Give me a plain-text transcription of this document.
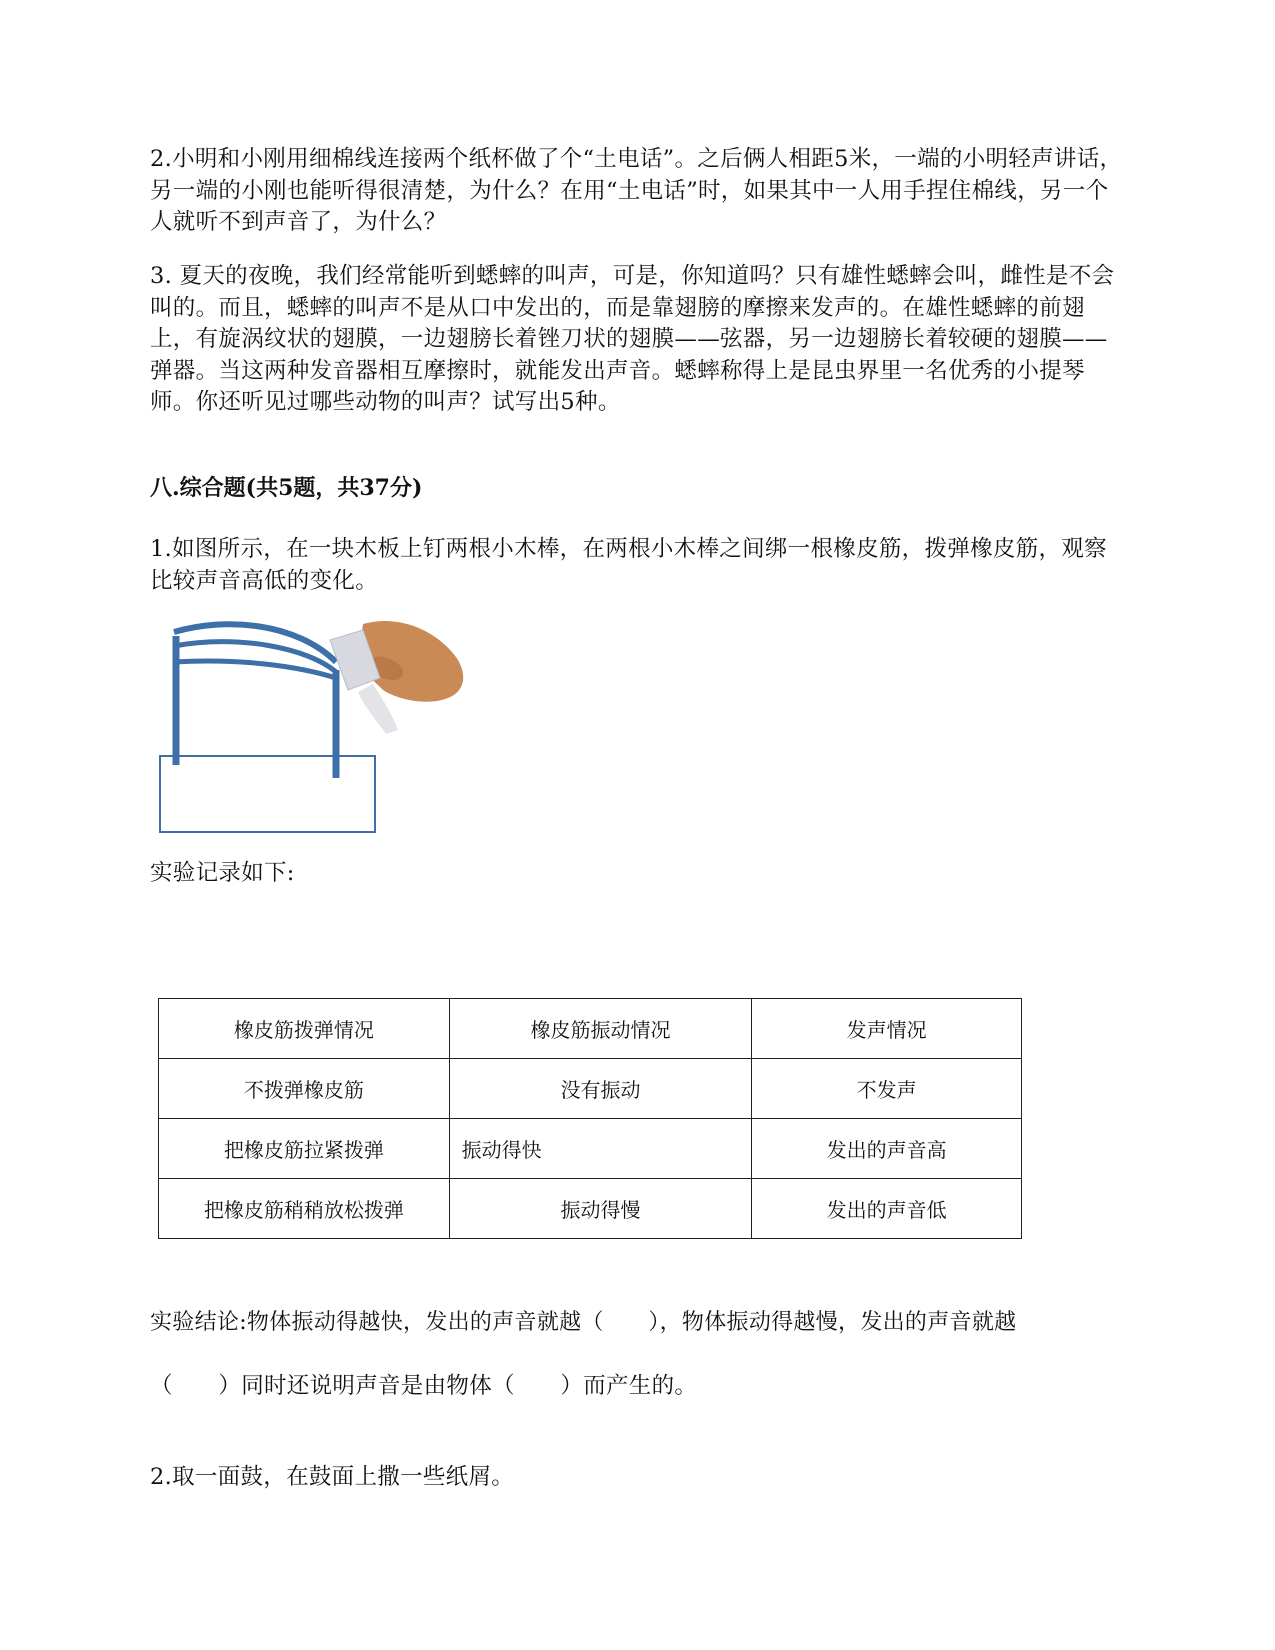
2.小明和小刚用细棉线连接两个纸杯做了个“土电话”。之后俩人相距5米，一端的小明轻声讲话，另一端的小刚也能听得很清楚，为什么？在用“土电话”时，如果其中一人用手捏住棉线，另一个人就听不到声音了，为什么？

3. 夏天的夜晚，我们经常能听到蟋蟀的叫声，可是，你知道吗？只有雄性蟋蟀会叫，雌性是不会叫的。而且，蟋蟀的叫声不是从口中发出的，而是靠翅膀的摩擦来发声的。在雄性蟋蟀的前翅上，有旋涡纹状的翅膜，一边翅膀长着锉刀状的翅膜——弦器，另一边翅膀长着较硬的翅膜——弹器。当这两种发音器相互摩擦时，就能发出声音。蟋蟀称得上是昆虫界里一名优秀的小提琴师。你还听见过哪些动物的叫声？试写出5种。

八.综合题(共5题，共37分)

1.如图所示，在一块木板上钉两根小木棒，在两根小木棒之间绑一根橡皮筋，拨弹橡皮筋，观察比较声音高低的变化。

实验记录如下:

橡皮筋拨弹情况	橡皮筋振动情况	发声情况
不拨弹橡皮筋	没有振动	不发声
把橡皮筋拉紧拨弹	振动得快	发出的声音高
把橡皮筋稍稍放松拨弹	振动得慢	发出的声音低

实验结论:物体振动得越快，发出的声音就越（　　），物体振动得越慢，发出的声音就越

（　　）同时还说明声音是由物体（　　）而产生的。

2.取一面鼓，在鼓面上撒一些纸屑。
